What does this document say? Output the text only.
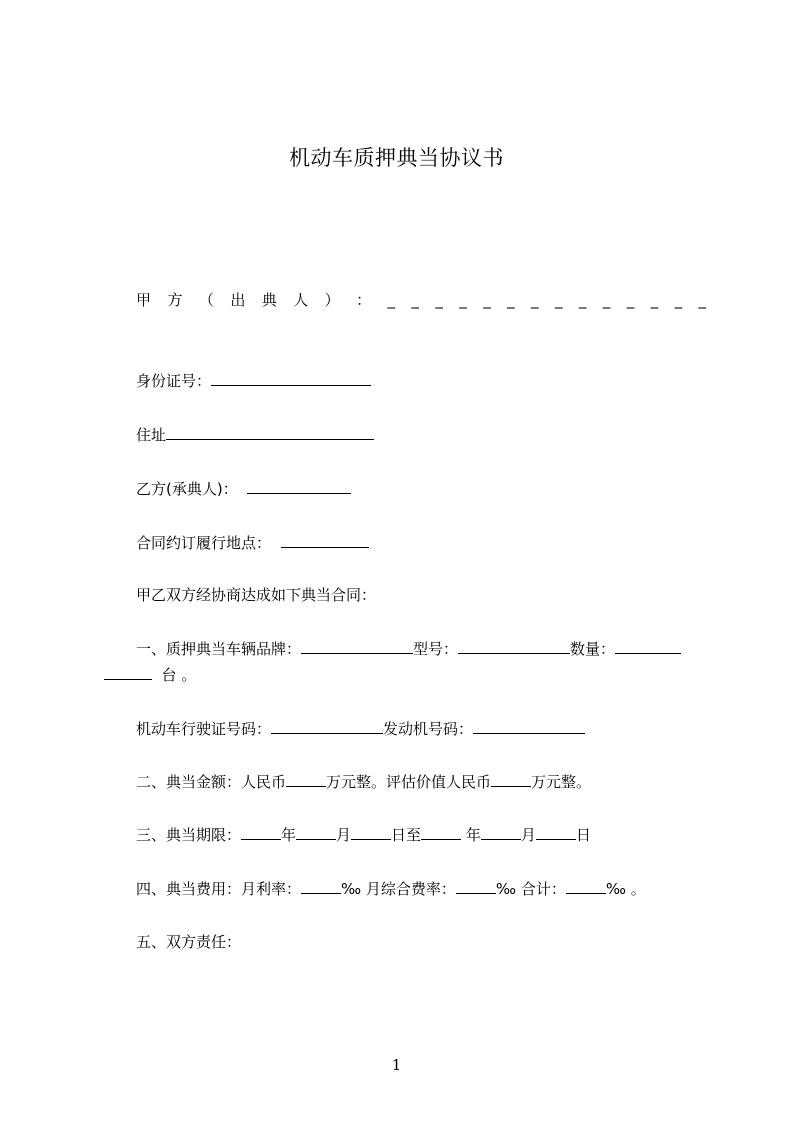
机动车质押典当协议书
甲 方 （ 出 典 人 ） ： _ _ _ _ _ _ _ _ _ _ _ _ _ _
身份证号：
住址
乙方(承典人)：
合同约订履行地点：
甲乙双方经协商达成如下典当合同：
一、质押典当车辆品牌：	型号：	数量：
台 。
机动车行驶证号码：	发动机号码：
二、典当金额：人民币	万元整。评估价值人民币	万元整。
三、典当期限：	年	月	日至	年	月	日
四、典当费用：月利率：	‰ 月综合费率：	‰ 合计：	‰ 。
五、双方责任：
1
